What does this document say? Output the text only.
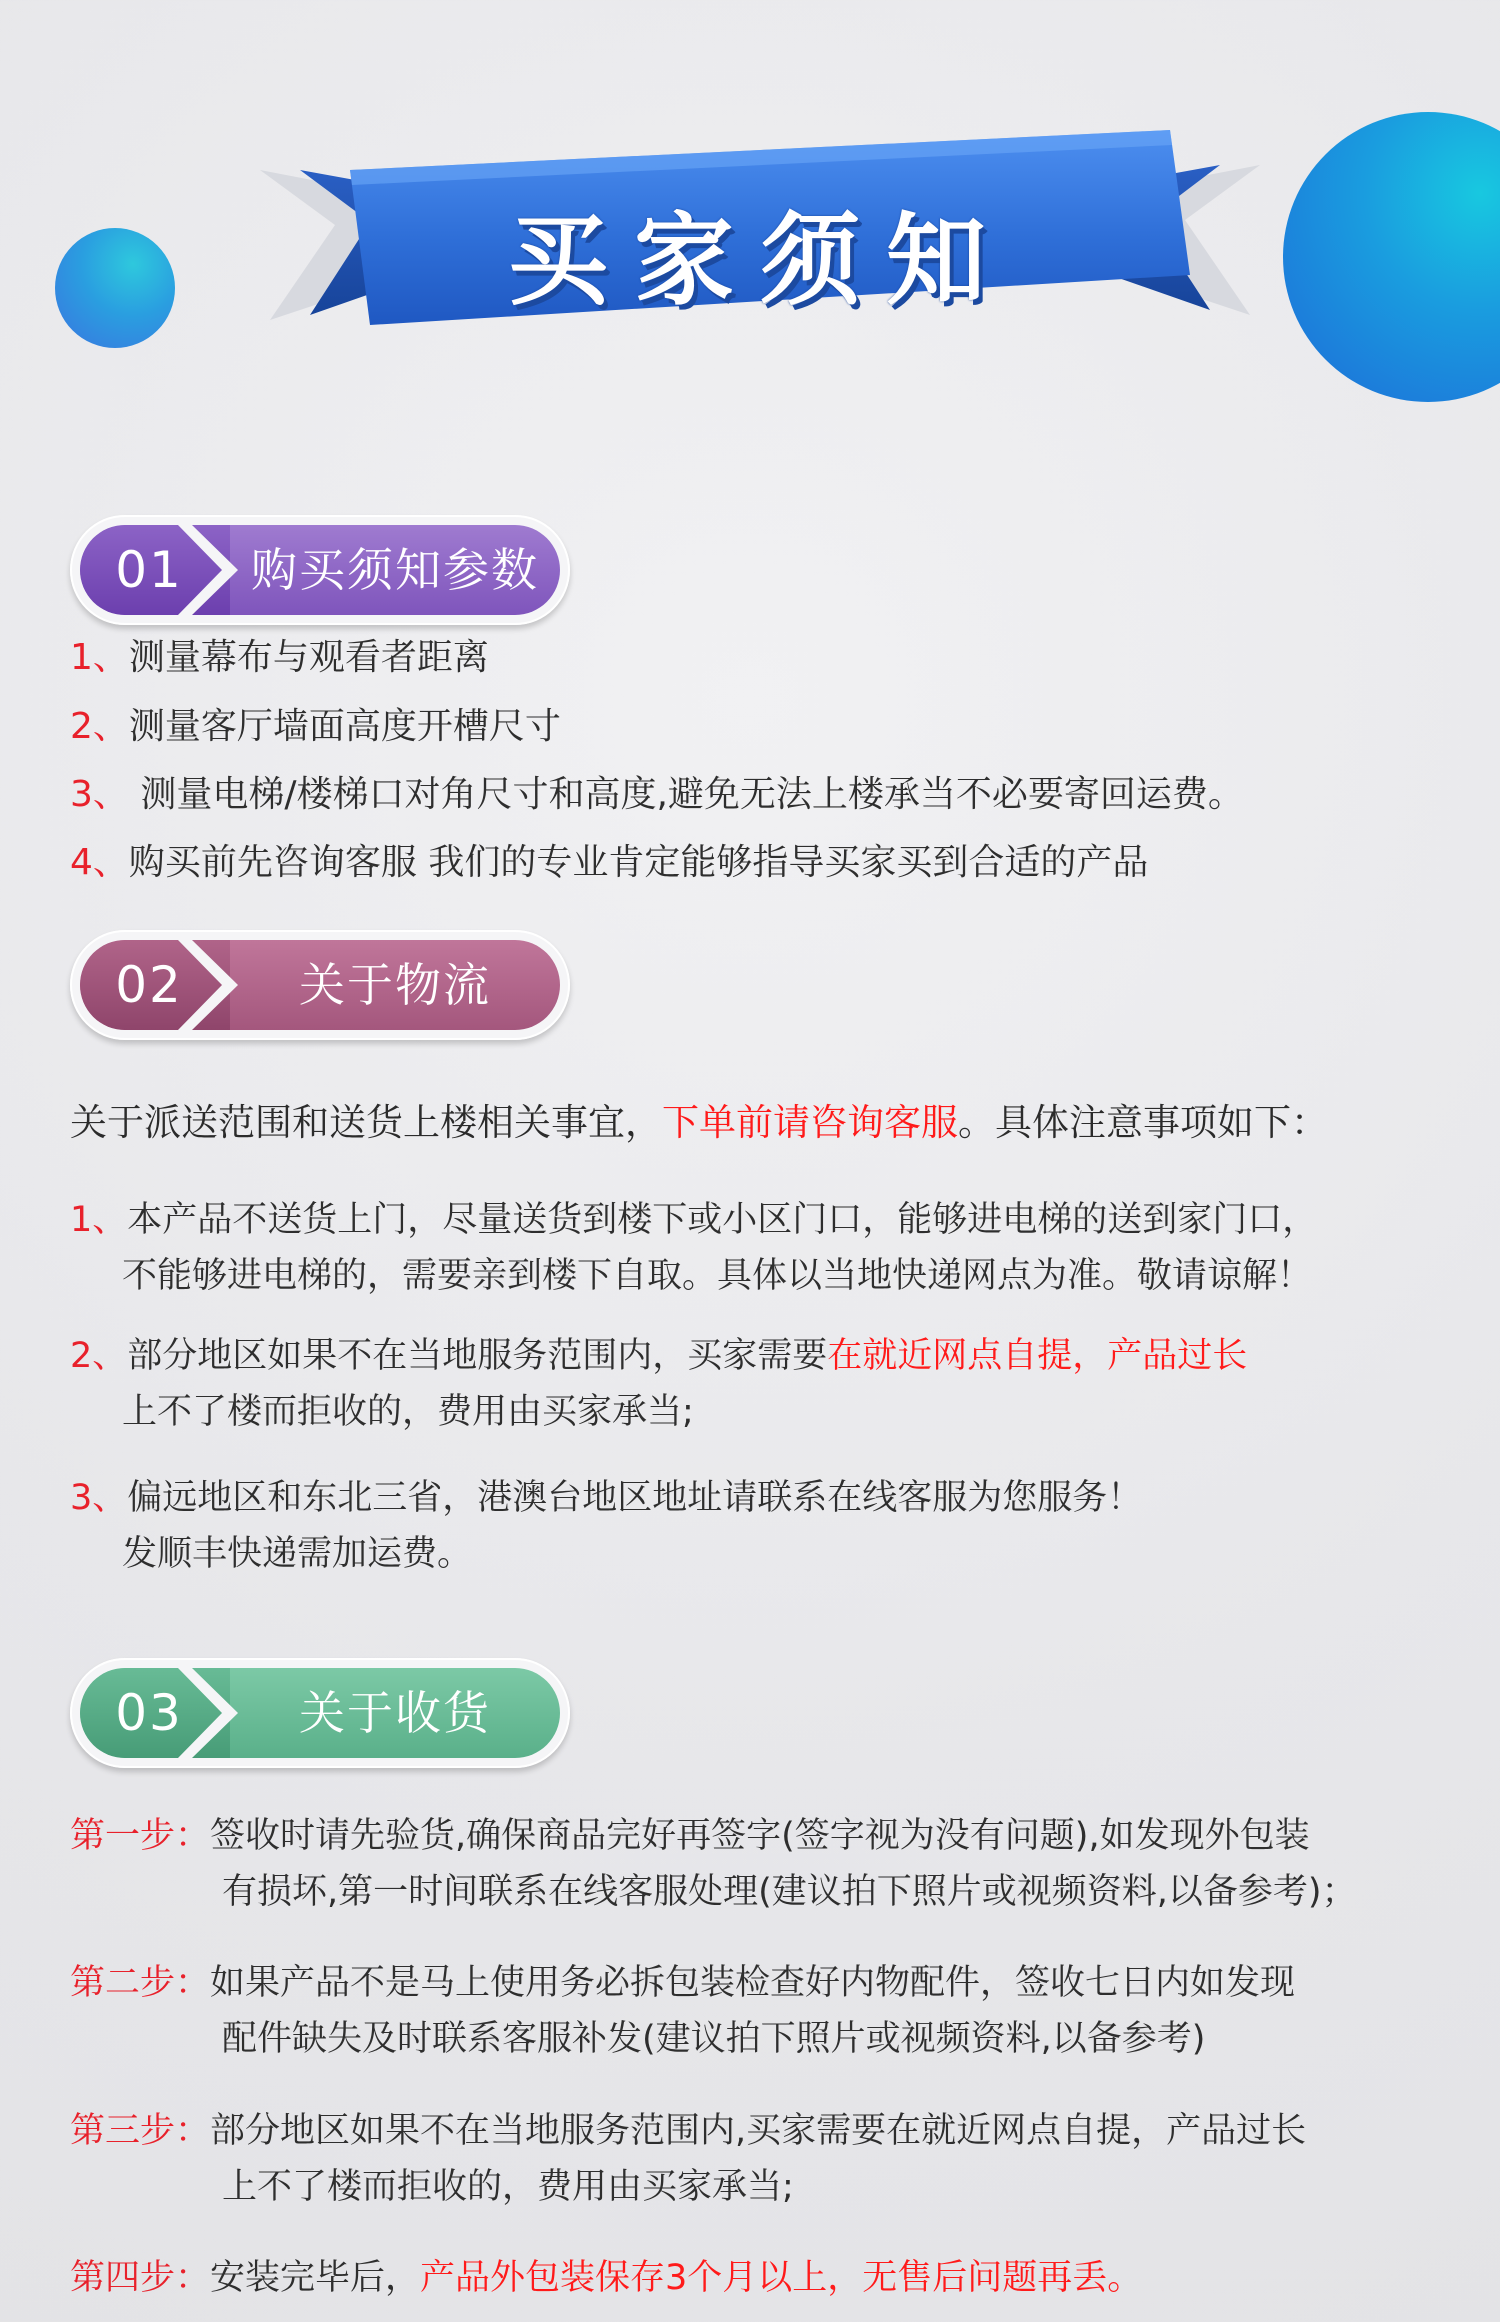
买家须知
01	购买须知参数
1、测量幕布与观看者距离
2、测量客厅墙面高度开槽尺寸
3、 测量电梯/楼梯口对角尺寸和高度,避免无法上楼承当不必要寄回运费。
4、购买前先咨询客服 我们的专业肯定能够指导买家买到合适的产品
02	关于物流
关于派送范围和送货上楼相关事宜，下单前请咨询客服。具体注意事项如下：
1、本产品不送货上门，尽量送货到楼下或小区门口，能够进电梯的送到家门口，
不能够进电梯的，需要亲到楼下自取。具体以当地快递网点为准。敬请谅解！
2、部分地区如果不在当地服务范围内，买家需要在就近网点自提，产品过长
上不了楼而拒收的，费用由买家承当;
3、偏远地区和东北三省，港澳台地区地址请联系在线客服为您服务！
发顺丰快递需加运费。
03	关于收货
第一步：签收时请先验货,确保商品完好再签字(签字视为没有问题),如发现外包装
有损坏,第一时间联系在线客服处理(建议拍下照片或视频资料,以备参考)；
第二步：如果产品不是马上使用务必拆包装检查好内物配件，签收七日内如发现
配件缺失及时联系客服补发(建议拍下照片或视频资料,以备参考)
第三步：部分地区如果不在当地服务范围内,买家需要在就近网点自提，产品过长
上不了楼而拒收的，费用由买家承当;
第四步：安装完毕后，产品外包装保存3个月以上，无售后问题再丢。
